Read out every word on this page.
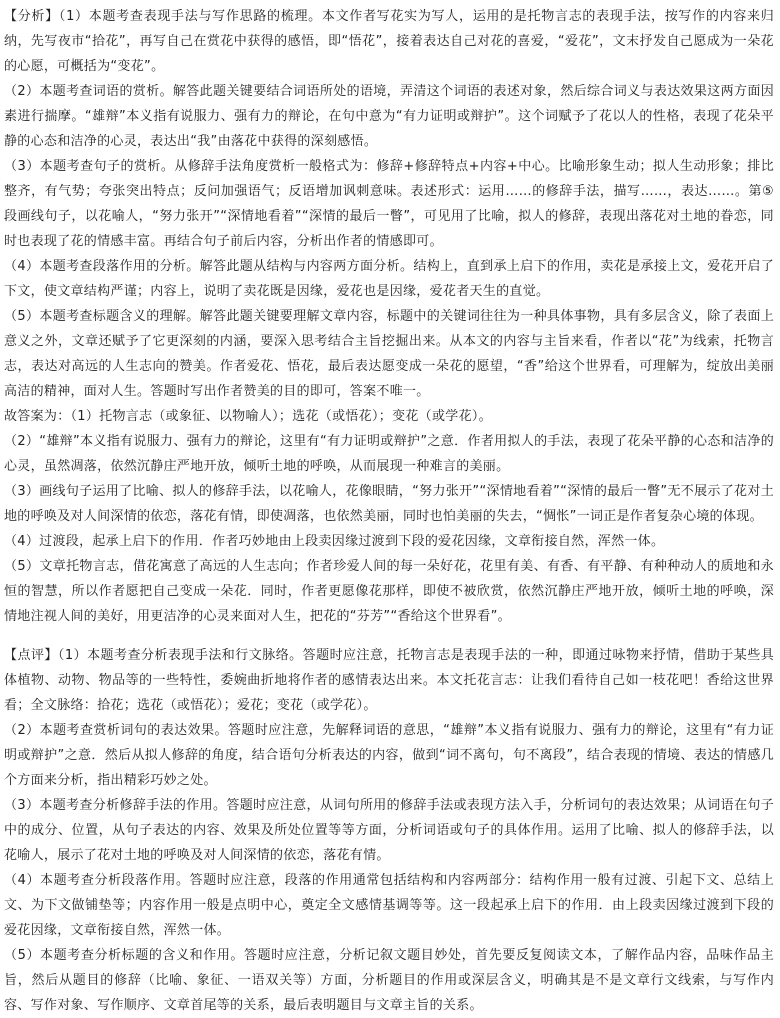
【分析】（1）本题考查表现手法与写作思路的梳理。本文作者写花实为写人，运用的是托物言志的表现手法，按写作的内容来归纳，先写夜市“拾花”，再写自己在赏花中获得的感悟，即“悟花”，接着表达自己对花的喜爱，“爱花”，文末抒发自己愿成为一朵花的心愿，可概括为“变花”。

（2）本题考查词语的赏析。解答此题关键要结合词语所处的语境，弄清这个词语的表述对象，然后综合词义与表达效果这两方面因素进行揣摩。“雄辩”本义指有说服力、强有力的辩论，在句中意为“有力证明或辩护”。这个词赋予了花以人的性格，表现了花朵平静的心态和洁净的心灵，表达出“我”由落花中获得的深刻感悟。

（3）本题考查句子的赏析。从修辞手法角度赏析一般格式为：修辞+修辞特点+内容+中心。比喻形象生动；拟人生动形象；排比整齐，有气势；夸张突出特点；反问加强语气；反语增加讽刺意味。表述形式：运用……的修辞手法，描写……，表达……。第⑤段画线句子，以花喻人，“努力张开”“深情地看着”“深情的最后一瞥”，可见用了比喻，拟人的修辞，表现出落花对土地的眷恋，同时也表现了花的情感丰富。再结合句子前后内容，分析出作者的情感即可。

（4）本题考查段落作用的分析。解答此题从结构与内容两方面分析。结构上，直到承上启下的作用，卖花是承接上文，爱花开启了下文，使文章结构严谨；内容上，说明了卖花既是因缘，爱花也是因缘，爱花者天生的直觉。

（5）本题考查标题含义的理解。解答此题关键要理解文章内容，标题中的关键词往往为一种具体事物，具有多层含义，除了表面上意义之外，文章还赋予了它更深刻的内涵，要深入思考结合主旨挖掘出来。从本文的内容与主旨来看，作者以“花”为线索，托物言志，表达对高远的人生志向的赞美。作者爱花、悟花，最后表达愿变成一朵花的愿望，“香”给这个世界看，可理解为，绽放出美丽高洁的精神，面对人生。答题时写出作者赞美的目的即可，答案不唯一。

故答案为：（1）托物言志（或象征、以物喻人）；选花（或悟花）；变花（或学花）。

（2）“雄辩”本义指有说服力、强有力的辩论，这里有“有力证明或辩护”之意．作者用拟人的手法，表现了花朵平静的心态和洁净的心灵，虽然凋落，依然沉静庄严地开放，倾听土地的呼唤，从而展现一种难言的美丽。

（3）画线句子运用了比喻、拟人的修辞手法，以花喻人，花像眼睛，“努力张开”“深情地看着”“深情的最后一瞥”无不展示了花对土地的呼唤及对人间深情的依恋，落花有情，即使凋落，也依然美丽，同时也怕美丽的失去，“惆怅”一词正是作者复杂心境的体现。

（4）过渡段，起承上启下的作用．作者巧妙地由上段卖因缘过渡到下段的爱花因缘，文章衔接自然，浑然一体。

（5）文章托物言志，借花寓意了高远的人生志向；作者珍爱人间的每一朵好花，花里有美、有香、有平静、有种种动人的质地和永恒的智慧，所以作者愿把自己变成一朵花．同时，作者更愿像花那样，即使不被欣赏，依然沉静庄严地开放，倾听土地的呼唤，深情地注视人间的美好，用更洁净的心灵来面对人生，把花的“芬芳”“香给这个世界看”。

【点评】（1）本题考查分析表现手法和行文脉络。答题时应注意，托物言志是表现手法的一种，即通过咏物来抒情，借助于某些具体植物、动物、物品等的一些特性，委婉曲折地将作者的感情表达出来。本文托花言志：让我们看待自己如一枝花吧！香给这世界看；全文脉络：拾花；选花（或悟花）；爱花；变花（或学花）。

（2）本题考查赏析词句的表达效果。答题时应注意，先解释词语的意思，“雄辩”本义指有说服力、强有力的辩论，这里有“有力证明或辩护”之意．然后从拟人修辞的角度，结合语句分析表达的内容，做到“词不离句，句不离段”，结合表现的情境、表达的情感几个方面来分析，指出精彩巧妙之处。

（3）本题考查分析修辞手法的作用。答题时应注意，从词句所用的修辞手法或表现方法入手，分析词句的表达效果；从词语在句子中的成分、位置，从句子表达的内容、效果及所处位置等等方面，分析词语或句子的具体作用。运用了比喻、拟人的修辞手法，以花喻人，展示了花对土地的呼唤及对人间深情的依恋，落花有情。

（4）本题考查分析段落作用。答题时应注意，段落的作用通常包括结构和内容两部分：结构作用一般有过渡、引起下文、总结上文、为下文做铺垫等；内容作用一般是点明中心，奠定全文感情基调等等。这一段起承上启下的作用．由上段卖因缘过渡到下段的爱花因缘，文章衔接自然，浑然一体。

（5）本题考查分析标题的含义和作用。答题时应注意，分析记叙文题目妙处，首先要反复阅读文本，了解作品内容，品味作品主旨，然后从题目的修辞（比喻、象征、一语双关等）方面，分析题目的作用或深层含义，明确其是不是文章行文线索，与写作内容、写作对象、写作顺序、文章首尾等的关系，最后表明题目与文章主旨的关系。
